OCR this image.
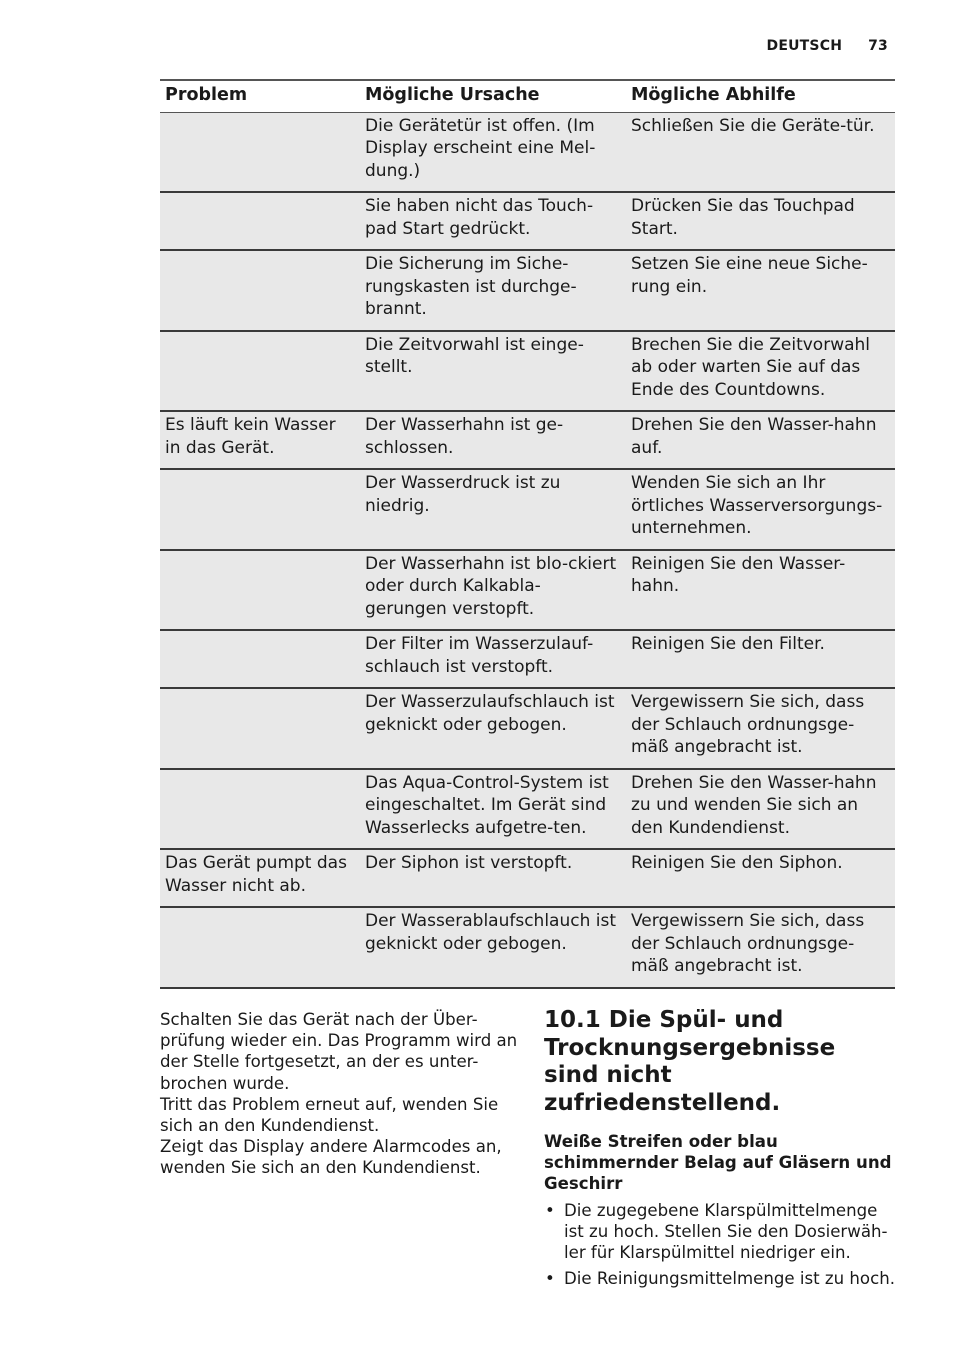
DEUTSCH 73
Problem	Mögliche Ursache	Mögliche Abhilfe
	Die Gerätetür ist offen. (Im Display erscheint eine Mel-dung.)	Schließen Sie die Geräte-tür.
	Sie haben nicht das Touch-pad Start gedrückt.	Drücken Sie das Touchpad Start.
	Die Sicherung im Siche-rungskasten ist durchge-brannt.	Setzen Sie eine neue Siche-rung ein.
	Die Zeitvorwahl ist einge-stellt.	Brechen Sie die Zeitvorwahl ab oder warten Sie auf das Ende des Countdowns.
Es läuft kein Wasser in das Gerät.	Der Wasserhahn ist ge-schlossen.	Drehen Sie den Wasser-hahn auf.
	Der Wasserdruck ist zu niedrig.	Wenden Sie sich an Ihr örtliches Wasserversorgungs-unternehmen.
	Der Wasserhahn ist blo-ckiert oder durch Kalkabla-gerungen verstopft.	Reinigen Sie den Wasser-hahn.
	Der Filter im Wasserzulauf-schlauch ist verstopft.	Reinigen Sie den Filter.
	Der Wasserzulaufschlauch ist geknickt oder gebogen.	Vergewissern Sie sich, dass der Schlauch ordnungsge-mäß angebracht ist.
	Das Aqua-Control-System ist eingeschaltet. Im Gerät sind Wasserlecks aufgetre-ten.	Drehen Sie den Wasser-hahn zu und wenden Sie sich an den Kundendienst.
Das Gerät pumpt das Wasser nicht ab.	Der Siphon ist verstopft.	Reinigen Sie den Siphon.
	Der Wasserablaufschlauch ist geknickt oder gebogen.	Vergewissern Sie sich, dass der Schlauch ordnungsge-mäß angebracht ist.

Schalten Sie das Gerät nach der Über-prüfung wieder ein. Das Programm wird an der Stelle fortgesetzt, an der es unter-brochen wurde.

Tritt das Problem erneut auf, wenden Sie sich an den Kundendienst.

Zeigt das Display andere Alarmcodes an, wenden Sie sich an den Kundendienst.

10.1 Die Spül- und Trocknungsergebnisse sind nicht zufriedenstellend.
Weiße Streifen oder blau schimmernder Belag auf Gläsern und Geschirr
• Die zugegebene Klarspülmittelmenge ist zu hoch. Stellen Sie den Dosierwäh-ler für Klarspülmittel niedriger ein.
• Die Reinigungsmittelmenge ist zu hoch.
